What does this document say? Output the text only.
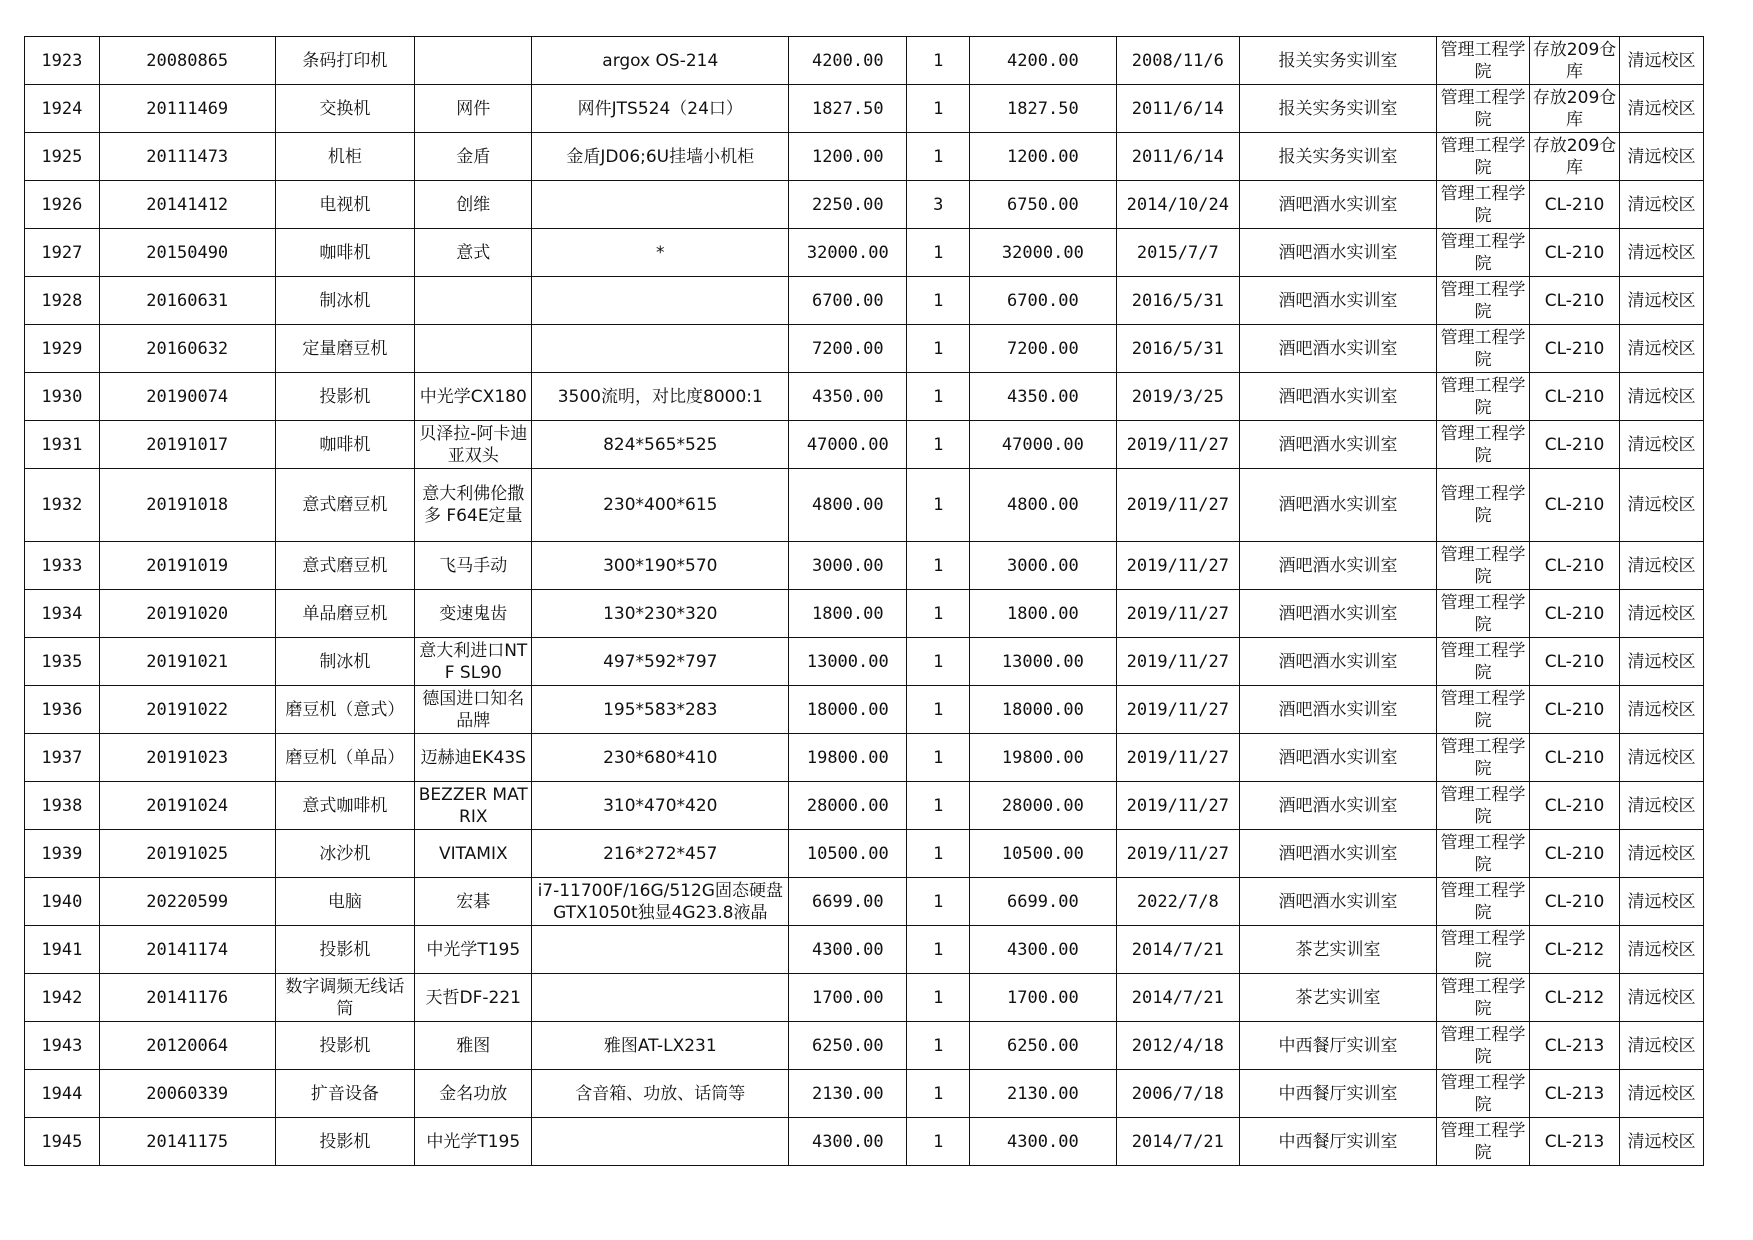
1923	20080865	条码打印机		argox OS-214	4200.00	1	4200.00	2008/11/6	报关实务实训室	管理工程学院	存放209仓库	清远校区
1924	20111469	交换机	网件	网件JTS524（24口）	1827.50	1	1827.50	2011/6/14	报关实务实训室	管理工程学院	存放209仓库	清远校区
1925	20111473	机柜	金盾	金盾JD06;6U挂墙小机柜	1200.00	1	1200.00	2011/6/14	报关实务实训室	管理工程学院	存放209仓库	清远校区
1926	20141412	电视机	创维		2250.00	3	6750.00	2014/10/24	酒吧酒水实训室	管理工程学院	CL-210	清远校区
1927	20150490	咖啡机	意式	*	32000.00	1	32000.00	2015/7/7	酒吧酒水实训室	管理工程学院	CL-210	清远校区
1928	20160631	制冰机			6700.00	1	6700.00	2016/5/31	酒吧酒水实训室	管理工程学院	CL-210	清远校区
1929	20160632	定量磨豆机			7200.00	1	7200.00	2016/5/31	酒吧酒水实训室	管理工程学院	CL-210	清远校区
1930	20190074	投影机	中光学CX180	3500流明，对比度8000:1	4350.00	1	4350.00	2019/3/25	酒吧酒水实训室	管理工程学院	CL-210	清远校区
1931	20191017	咖啡机	贝泽拉-阿卡迪亚双头	824*565*525	47000.00	1	47000.00	2019/11/27	酒吧酒水实训室	管理工程学院	CL-210	清远校区
1932	20191018	意式磨豆机	意大利佛伦撒多 F64E定量	230*400*615	4800.00	1	4800.00	2019/11/27	酒吧酒水实训室	管理工程学院	CL-210	清远校区
1933	20191019	意式磨豆机	飞马手动	300*190*570	3000.00	1	3000.00	2019/11/27	酒吧酒水实训室	管理工程学院	CL-210	清远校区
1934	20191020	单品磨豆机	变速鬼齿	130*230*320	1800.00	1	1800.00	2019/11/27	酒吧酒水实训室	管理工程学院	CL-210	清远校区
1935	20191021	制冰机	意大利进口NTF SL90	497*592*797	13000.00	1	13000.00	2019/11/27	酒吧酒水实训室	管理工程学院	CL-210	清远校区
1936	20191022	磨豆机（意式）	德国进口知名品牌	195*583*283	18000.00	1	18000.00	2019/11/27	酒吧酒水实训室	管理工程学院	CL-210	清远校区
1937	20191023	磨豆机（单品）	迈赫迪EK43S	230*680*410	19800.00	1	19800.00	2019/11/27	酒吧酒水实训室	管理工程学院	CL-210	清远校区
1938	20191024	意式咖啡机	BEZZER MATRIX	310*470*420	28000.00	1	28000.00	2019/11/27	酒吧酒水实训室	管理工程学院	CL-210	清远校区
1939	20191025	冰沙机	VITAMIX	216*272*457	10500.00	1	10500.00	2019/11/27	酒吧酒水实训室	管理工程学院	CL-210	清远校区
1940	20220599	电脑	宏碁	i7-11700F/16G/512G固态硬盘GTX1050t独显4G23.8液晶	6699.00	1	6699.00	2022/7/8	酒吧酒水实训室	管理工程学院	CL-210	清远校区
1941	20141174	投影机	中光学T195		4300.00	1	4300.00	2014/7/21	茶艺实训室	管理工程学院	CL-212	清远校区
1942	20141176	数字调频无线话筒	天哲DF-221		1700.00	1	1700.00	2014/7/21	茶艺实训室	管理工程学院	CL-212	清远校区
1943	20120064	投影机	雅图	雅图AT-LX231	6250.00	1	6250.00	2012/4/18	中西餐厅实训室	管理工程学院	CL-213	清远校区
1944	20060339	扩音设备	金名功放	含音箱、功放、话筒等	2130.00	1	2130.00	2006/7/18	中西餐厅实训室	管理工程学院	CL-213	清远校区
1945	20141175	投影机	中光学T195		4300.00	1	4300.00	2014/7/21	中西餐厅实训室	管理工程学院	CL-213	清远校区
